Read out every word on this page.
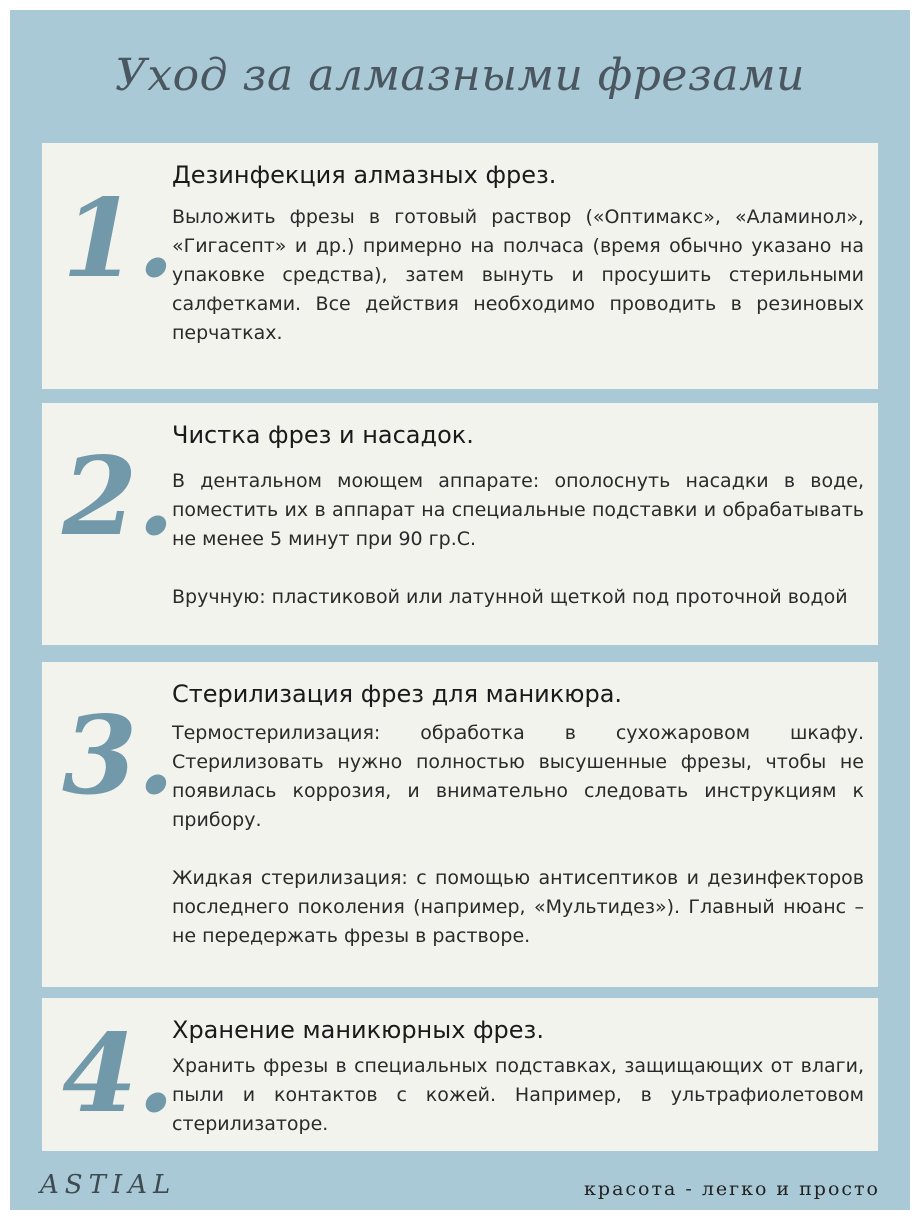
Уход за алмазными фрезами
1.
Дезинфекция алмазных фрез.
Выложить фрезы в готовый раствор («Оптимакс», «Аламинол», «Гигасепт» и др.) примерно на полчаса (время обычно указано на упаковке средства), затем вынуть и просушить стерильными салфетками. Все действия необходимо проводить в резиновых перчатках.
2.
Чистка фрез и насадок.
В дентальном моющем аппарате: ополоснуть насадки в воде, поместить их в аппарат на специальные подставки и обрабатывать не менее 5 минут при 90 гр.С.
Вручную: пластиковой или латунной щеткой под проточной водой
3.
Стерилизация фрез для маникюра.
Термостерилизация: обработка в сухожаровом шкафу. Стерилизовать нужно полностью высушенные фрезы, чтобы не появилась коррозия, и внимательно следовать инструкциям к прибору.
Жидкая стерилизация: с помощью антисептиков и дезинфекторов последнего поколения (например, «Мультидез»). Главный нюанс – не передержать фрезы в растворе.
4.
Хранение маникюрных фрез.
Хранить фрезы в специальных подставках, защищающих от влаги, пыли и контактов с кожей. Например, в ультрафиолетовом стерилизаторе.
ASTIAL	красота - легко и просто
